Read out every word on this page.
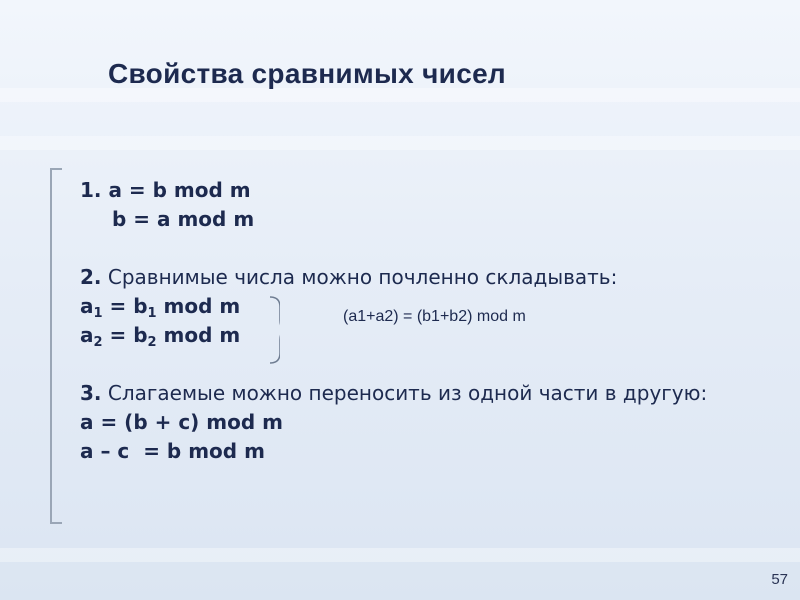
Свойства сравнимых чисел
1. a = b mod m
b = a mod m
2. Сравнимые числа можно почленно складывать:
$a_1 = b_1$ mod m
$a_2 = b_2$ mod m
3. Слагаемые можно переносить из одной части в другую:
a = (b + c) mod m
a – c  = b mod m
(a1+a2) = (b1+b2) mod m
57
